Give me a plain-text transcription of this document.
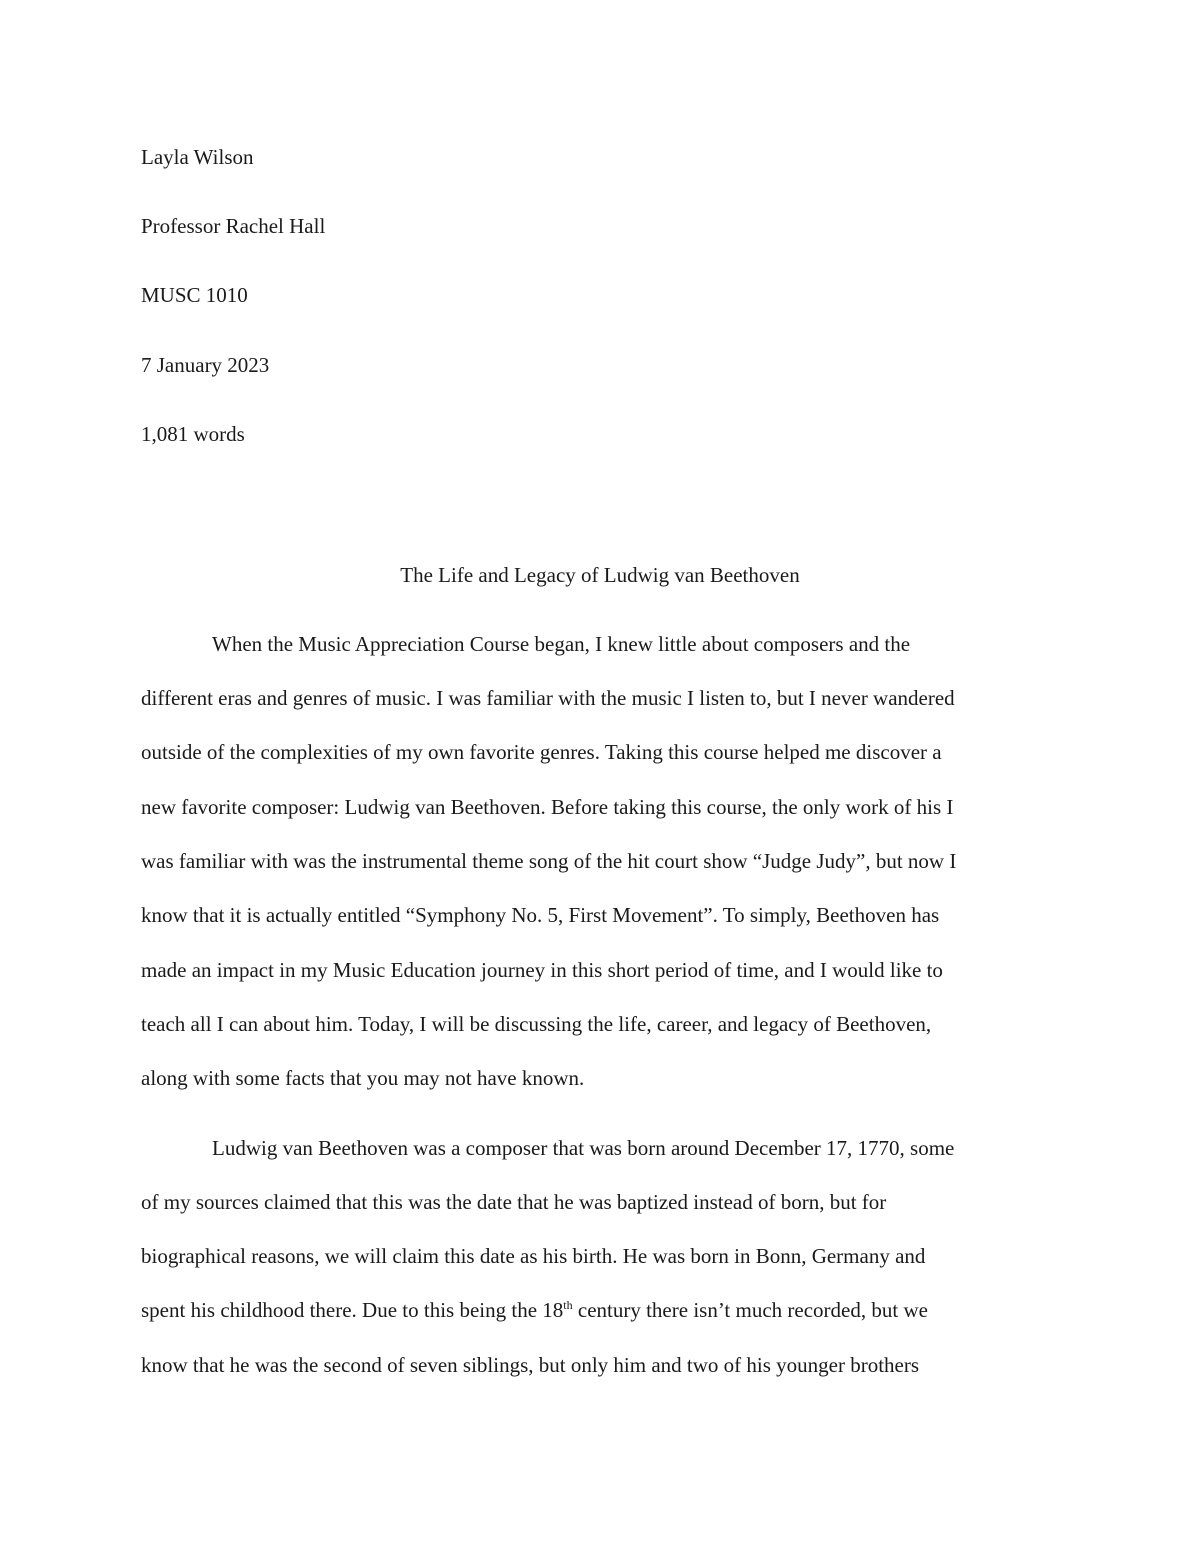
Layla Wilson
Professor Rachel Hall
MUSC 1010
7 January 2023
1,081 words
The Life and Legacy of Ludwig van Beethoven
When the Music Appreciation Course began, I knew little about composers and the
different eras and genres of music. I was familiar with the music I listen to, but I never wandered
outside of the complexities of my own favorite genres. Taking this course helped me discover a
new favorite composer: Ludwig van Beethoven. Before taking this course, the only work of his I
was familiar with was the instrumental theme song of the hit court show “Judge Judy”, but now I
know that it is actually entitled “Symphony No. 5, First Movement”. To simply, Beethoven has
made an impact in my Music Education journey in this short period of time, and I would like to
teach all I can about him. Today, I will be discussing the life, career, and legacy of Beethoven,
along with some facts that you may not have known.
Ludwig van Beethoven was a composer that was born around December 17, 1770, some
of my sources claimed that this was the date that he was baptized instead of born, but for
biographical reasons, we will claim this date as his birth. He was born in Bonn, Germany and
spent his childhood there. Due to this being the 18th century there isn’t much recorded, but we
know that he was the second of seven siblings, but only him and two of his younger brothers
